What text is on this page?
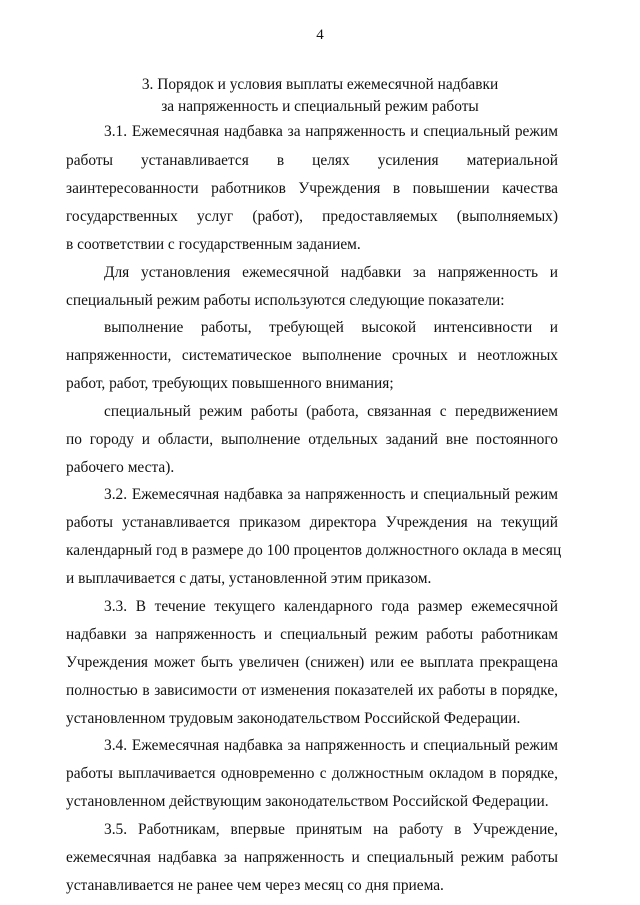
4
3. Порядок и условия выплаты ежемесячной надбавки
за напряженность и специальный режим работы
3.1. Ежемесячная надбавка за напряженность и специальный режим
работы устанавливается в целях усиления материальной
заинтересованности работников Учреждения в повышении качества
государственных услуг (работ), предоставляемых (выполняемых)
в соответствии с государственным заданием.
Для установления ежемесячной надбавки за напряженность и
специальный режим работы используются следующие показатели:
выполнение работы, требующей высокой интенсивности и
напряженности, систематическое выполнение срочных и неотложных
работ, работ, требующих повышенного внимания;
специальный режим работы (работа, связанная с передвижением
по городу и области, выполнение отдельных заданий вне постоянного
рабочего места).
3.2. Ежемесячная надбавка за напряженность и специальный режим
работы устанавливается приказом директора Учреждения на текущий
календарный год в размере до 100 процентов должностного оклада в месяц
и выплачивается с даты, установленной этим приказом.
3.3. В течение текущего календарного года размер ежемесячной
надбавки за напряженность и специальный режим работы работникам
Учреждения может быть увеличен (снижен) или ее выплата прекращена
полностью в зависимости от изменения показателей их работы в порядке,
установленном трудовым законодательством Российской Федерации.
3.4. Ежемесячная надбавка за напряженность и специальный режим
работы выплачивается одновременно с должностным окладом в порядке,
установленном действующим законодательством Российской Федерации.
3.5. Работникам, впервые принятым на работу в Учреждение,
ежемесячная надбавка за напряженность и специальный режим работы
устанавливается не ранее чем через месяц со дня приема.
